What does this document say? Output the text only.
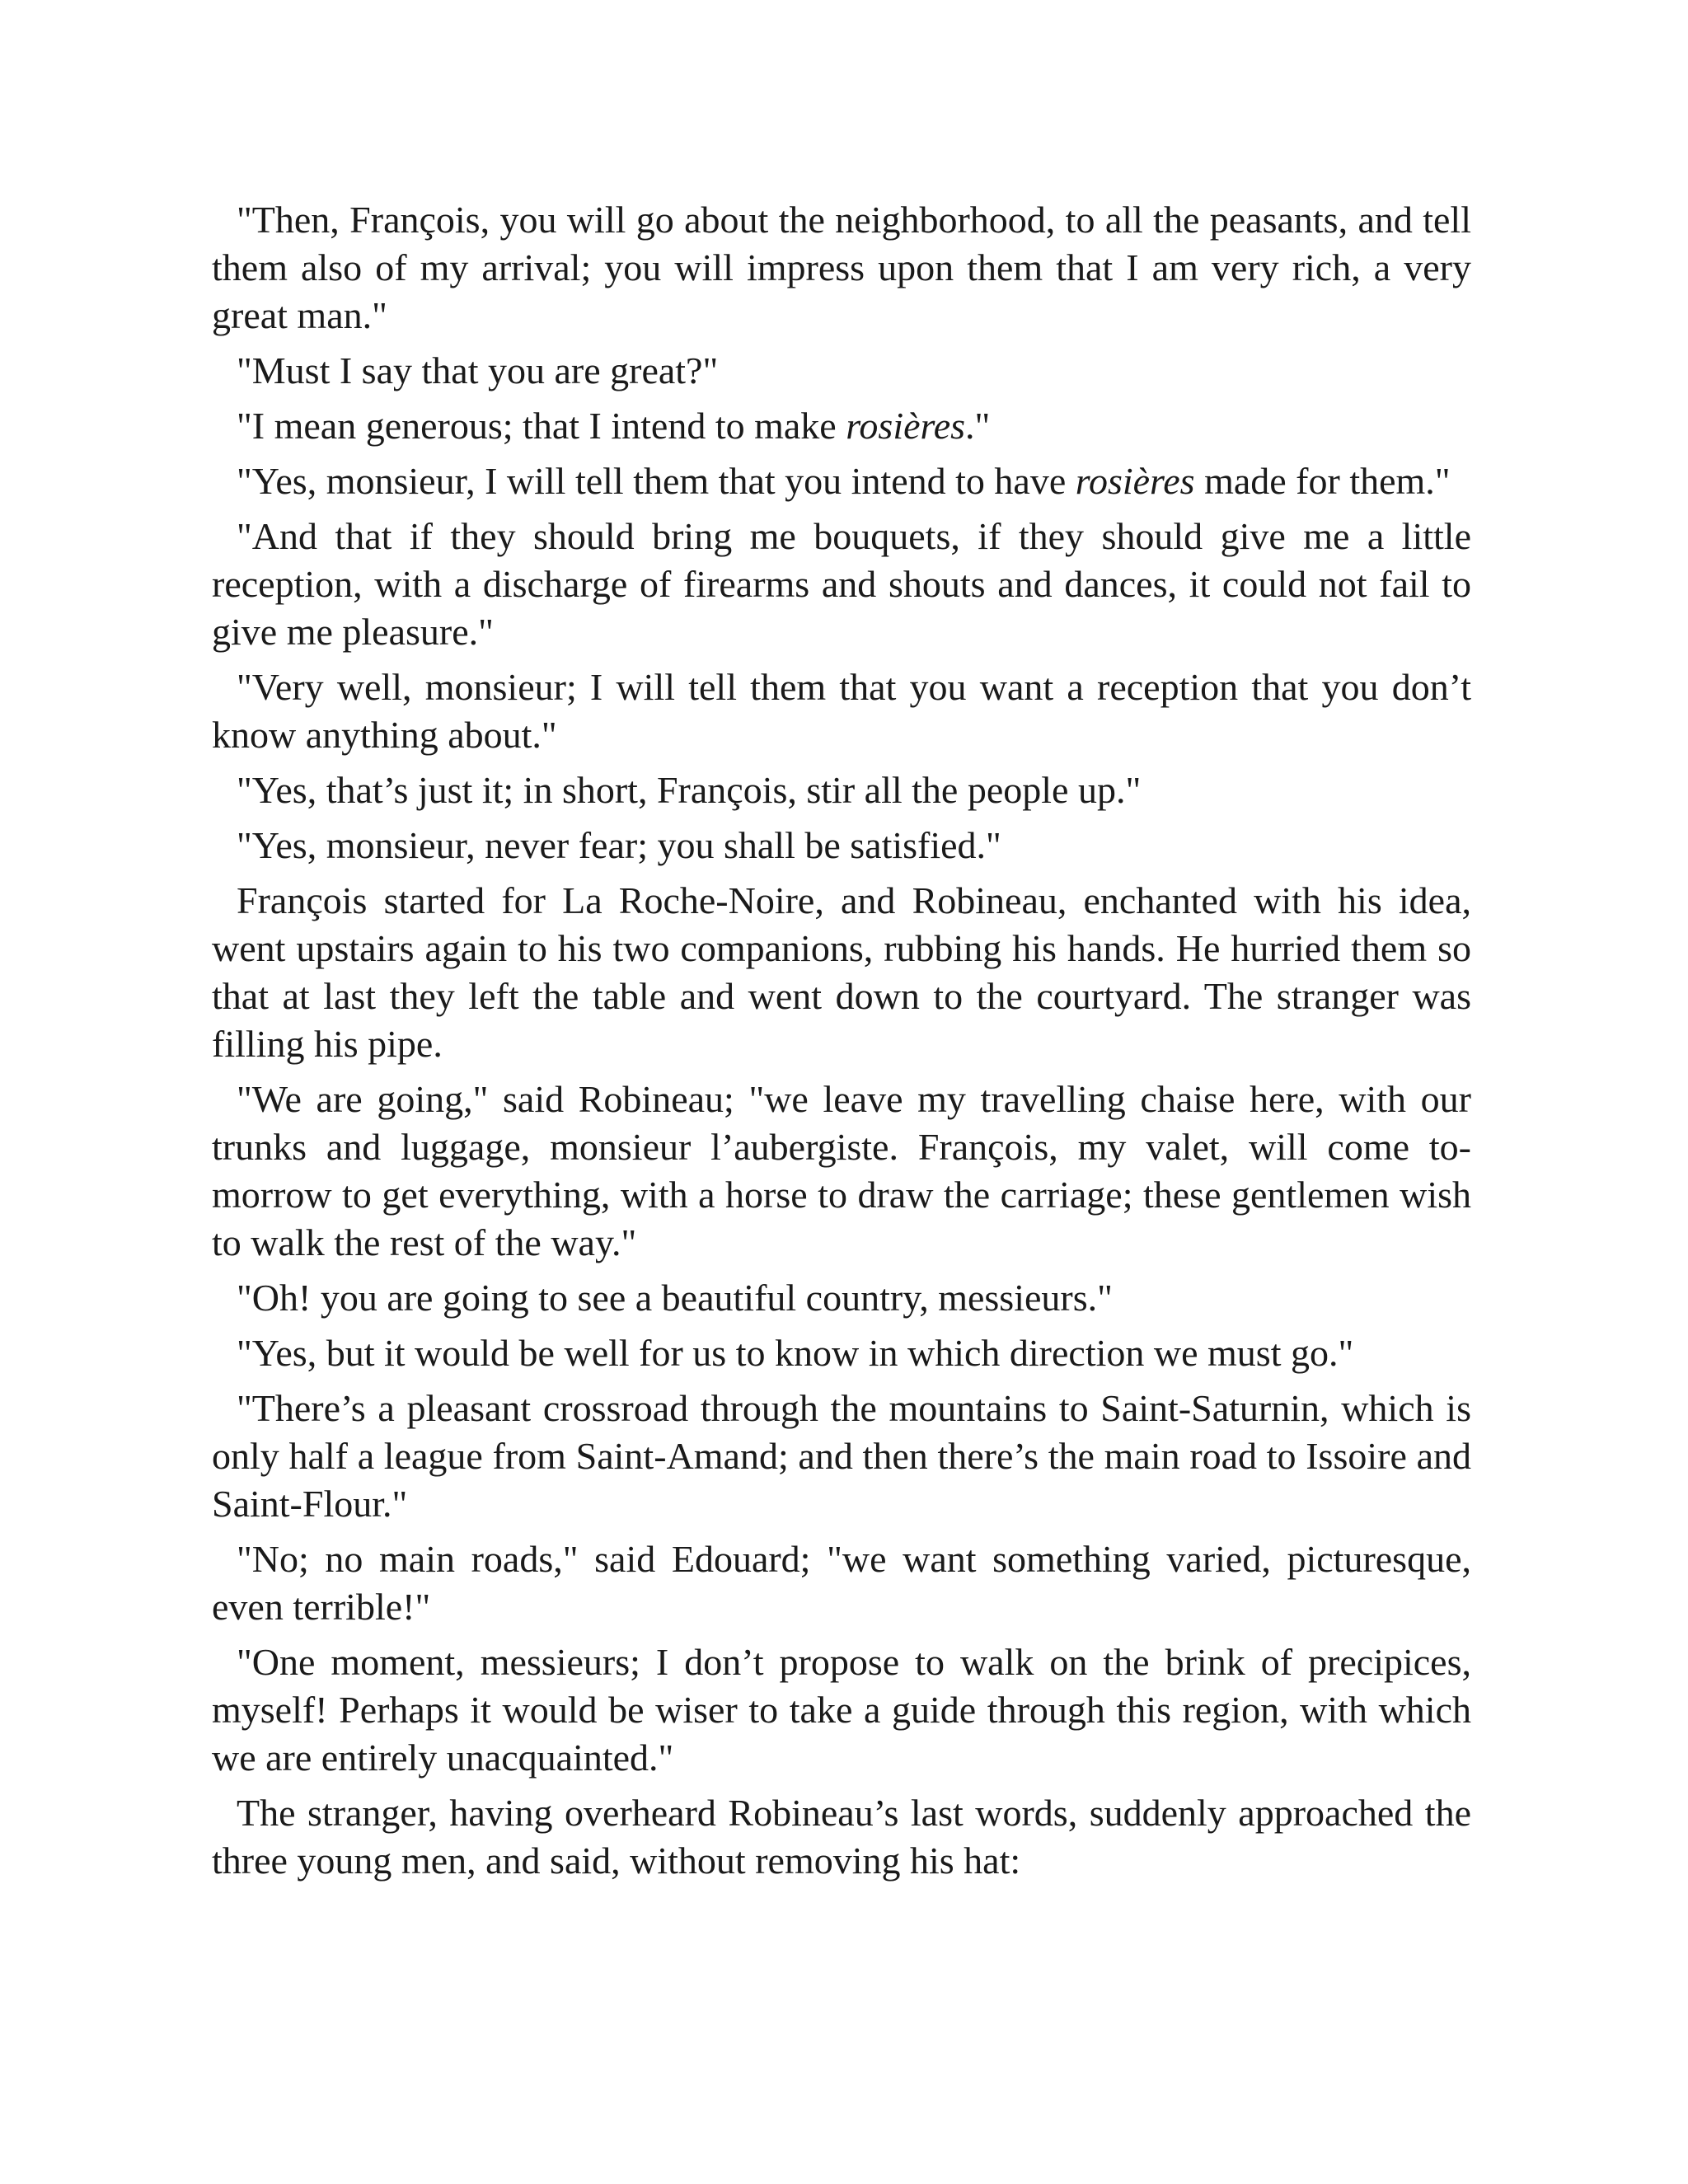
"Then, François, you will go about the neighborhood, to all the peasants, and tell them also of my arrival; you will impress upon them that I am very rich, a very great man."

"Must I say that you are great?"

"I mean generous; that I intend to make rosières."

"Yes, monsieur, I will tell them that you intend to have rosières made for them."

"And that if they should bring me bouquets, if they should give me a little reception, with a discharge of firearms and shouts and dances, it could not fail to give me pleasure."

"Very well, monsieur; I will tell them that you want a reception that you don’t know anything about."

"Yes, that’s just it; in short, François, stir all the people up."

"Yes, monsieur, never fear; you shall be satisfied."

François started for La Roche-Noire, and Robineau, enchanted with his idea, went upstairs again to his two companions, rubbing his hands. He hurried them so that at last they left the table and went down to the courtyard. The stranger was filling his pipe.

"We are going," said Robineau; "we leave my travelling chaise here, with our trunks and luggage, monsieur l’aubergiste. François, my valet, will come to-morrow to get everything, with a horse to draw the carriage; these gentlemen wish to walk the rest of the way."

"Oh! you are going to see a beautiful country, messieurs."

"Yes, but it would be well for us to know in which direction we must go."

"There’s a pleasant crossroad through the mountains to Saint-Saturnin, which is only half a league from Saint-Amand; and then there’s the main road to Issoire and Saint-Flour."

"No; no main roads," said Edouard; "we want something varied, picturesque, even terrible!"

"One moment, messieurs; I don’t propose to walk on the brink of precipices, myself! Perhaps it would be wiser to take a guide through this region, with which we are entirely unacquainted."

The stranger, having overheard Robineau’s last words, suddenly approached the three young men, and said, without removing his hat:
